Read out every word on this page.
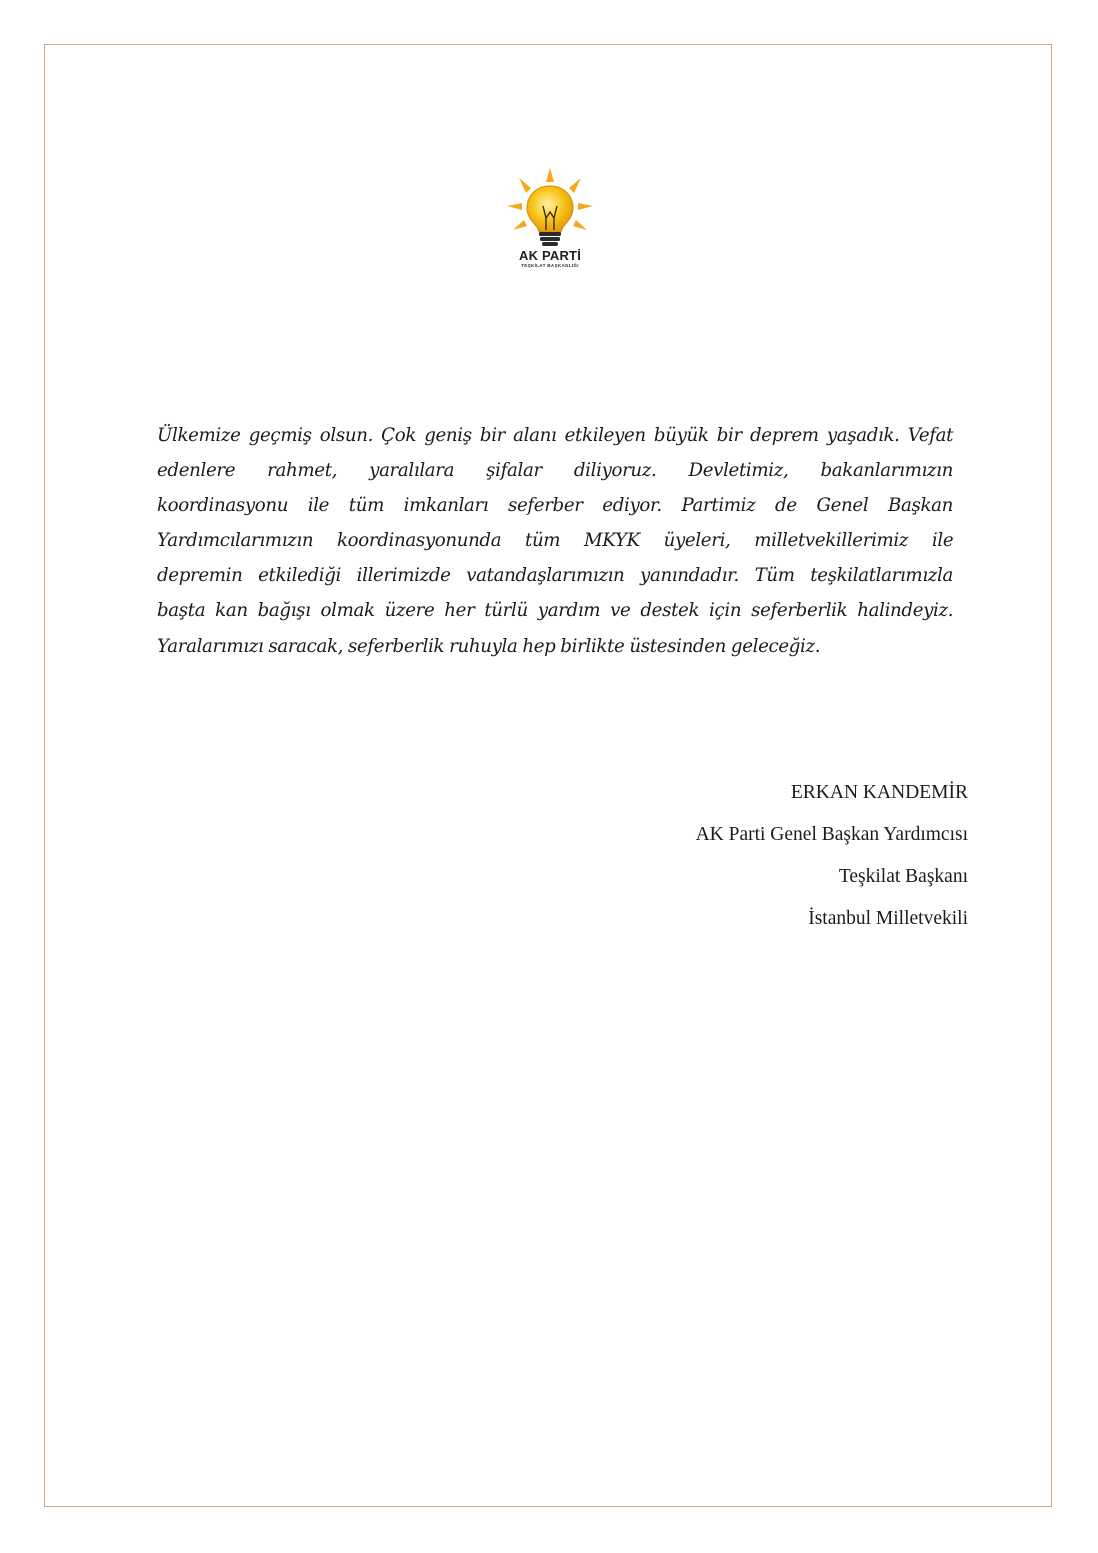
AK PARTİ
TEŞKİLAT BAŞKANLIĞI
Ülkemize geçmiş olsun. Çok geniş bir alanı etkileyen büyük bir deprem yaşadık. Vefat
edenlere rahmet, yaralılara şifalar diliyoruz. Devletimiz, bakanlarımızın
koordinasyonu ile tüm imkanları seferber ediyor. Partimiz de Genel Başkan
Yardımcılarımızın koordinasyonunda tüm MKYK üyeleri, milletvekillerimiz ile
depremin etkilediği illerimizde vatandaşlarımızın yanındadır. Tüm teşkilatlarımızla
başta kan bağışı olmak üzere her türlü yardım ve destek için seferberlik halindeyiz.
Yaralarımızı saracak, seferberlik ruhuyla hep birlikte üstesinden geleceğiz.
ERKAN KANDEMİR
AK Parti Genel Başkan Yardımcısı
Teşkilat Başkanı
İstanbul Milletvekili
